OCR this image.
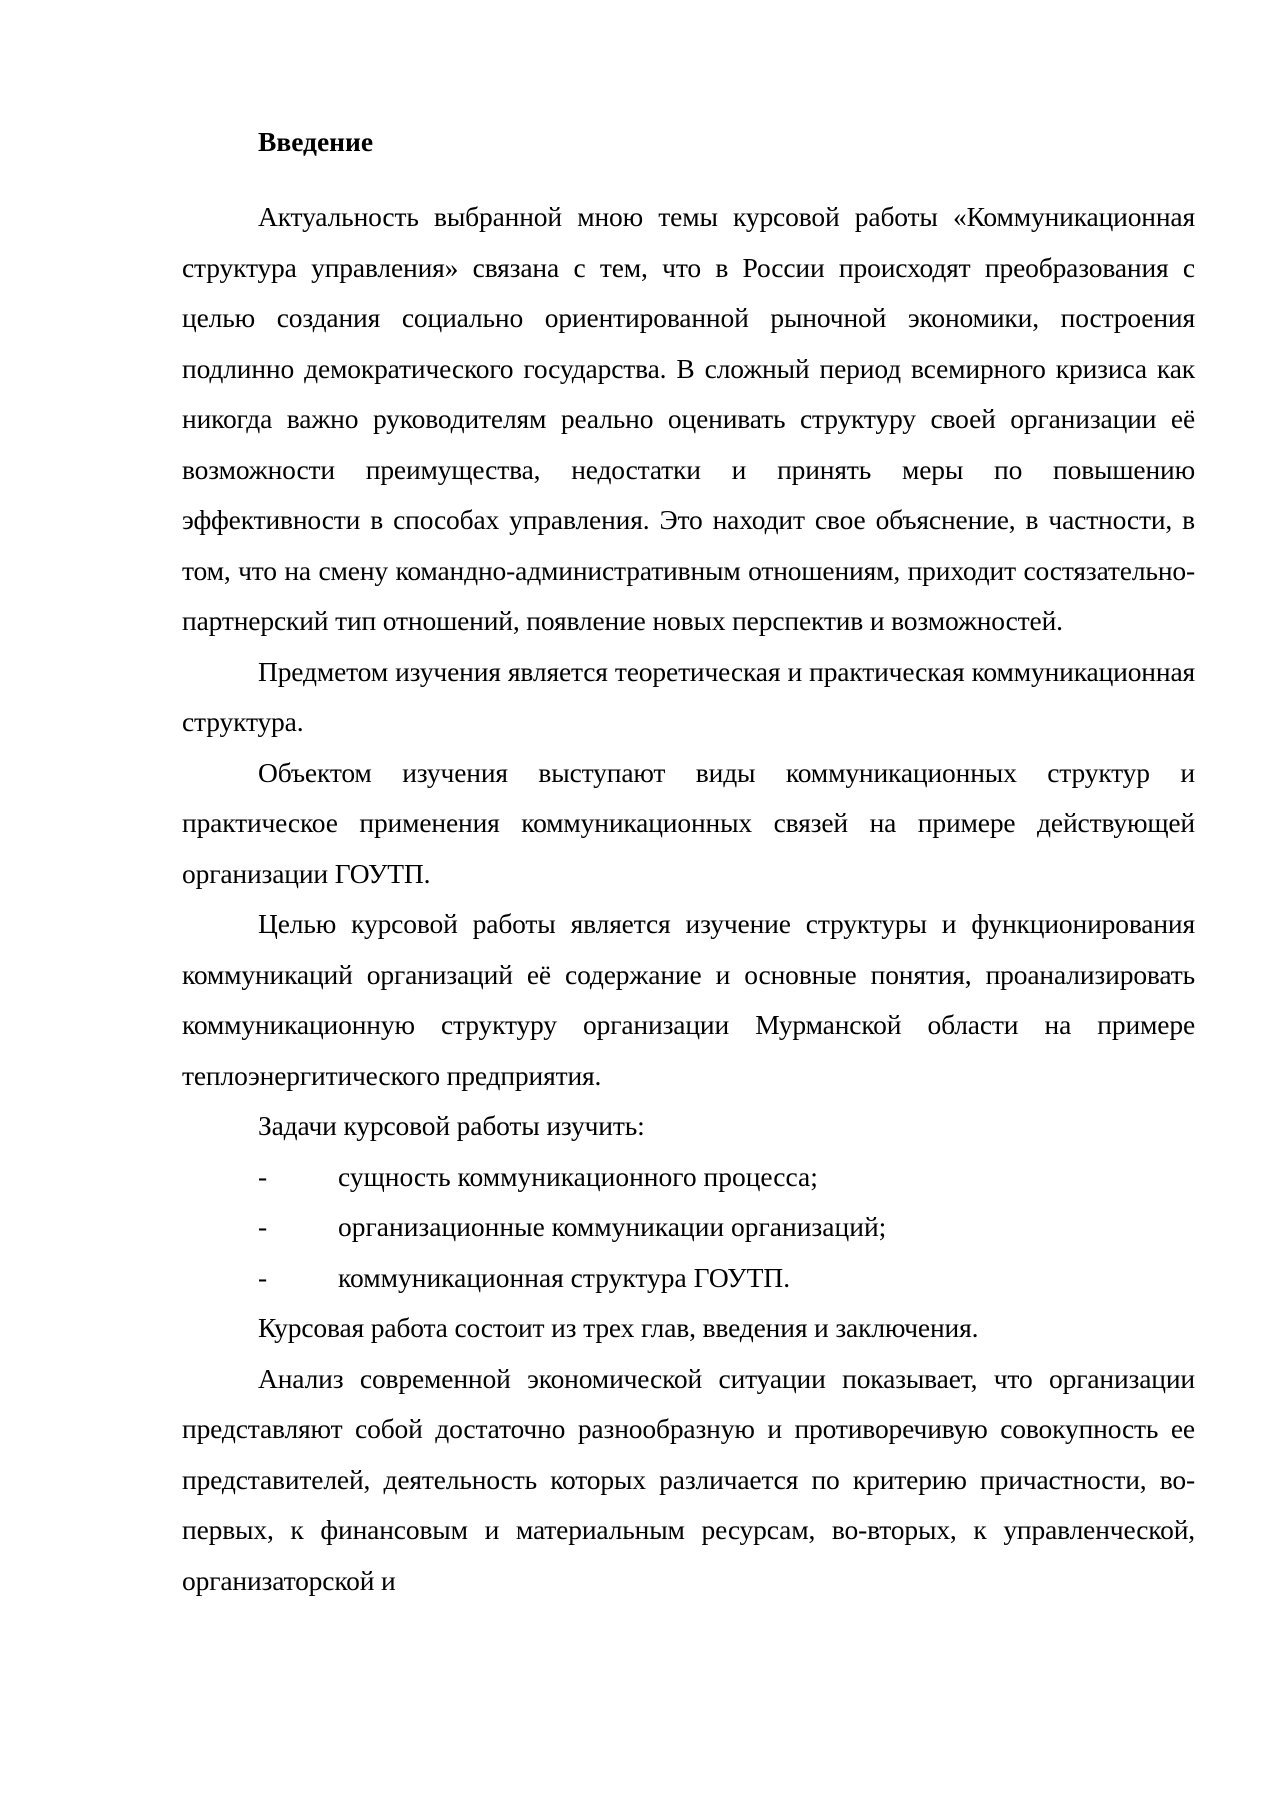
Введение

Актуальность выбранной мною темы курсовой работы «Коммуникационная структура управления» связана с тем, что в России происходят преобразования с целью создания социально ориентированной рыночной экономики, построения подлинно демократического государства. В сложный период всемирного кризиса как никогда важно руководителям реально оценивать структуру своей организации её возможности преимущества, недостатки и принять меры по повышению эффективности в способах управления. Это находит свое объяснение, в частности, в том, что на смену командно-административным отношениям, приходит состязательно-партнерский тип отношений, появление новых перспектив и возможностей.

Предметом изучения является теоретическая и практическая коммуникационная структура.

Объектом изучения выступают виды коммуникационных структур и практическое применения коммуникационных связей на примере действующей организации ГОУТП.

Целью курсовой работы является изучение структуры и функционирования коммуникаций организаций её содержание и основные понятия, проанализировать коммуникационную структуру организации Мурманской области на примере теплоэнергитического предприятия.

Задачи курсовой работы изучить:

-	сущность коммуникационного процесса;
-	организационные коммуникации организаций;
-	коммуникационная структура ГОУТП.

Курсовая работа состоит из трех глав, введения и заключения.

Анализ современной экономической ситуации показывает, что организации представляют собой достаточно разнообразную и противоречивую совокупность ее представителей, деятельность которых различается по критерию причастности, во-первых, к финансовым и материальным ресурсам, во-вторых, к управленческой, организаторской и
